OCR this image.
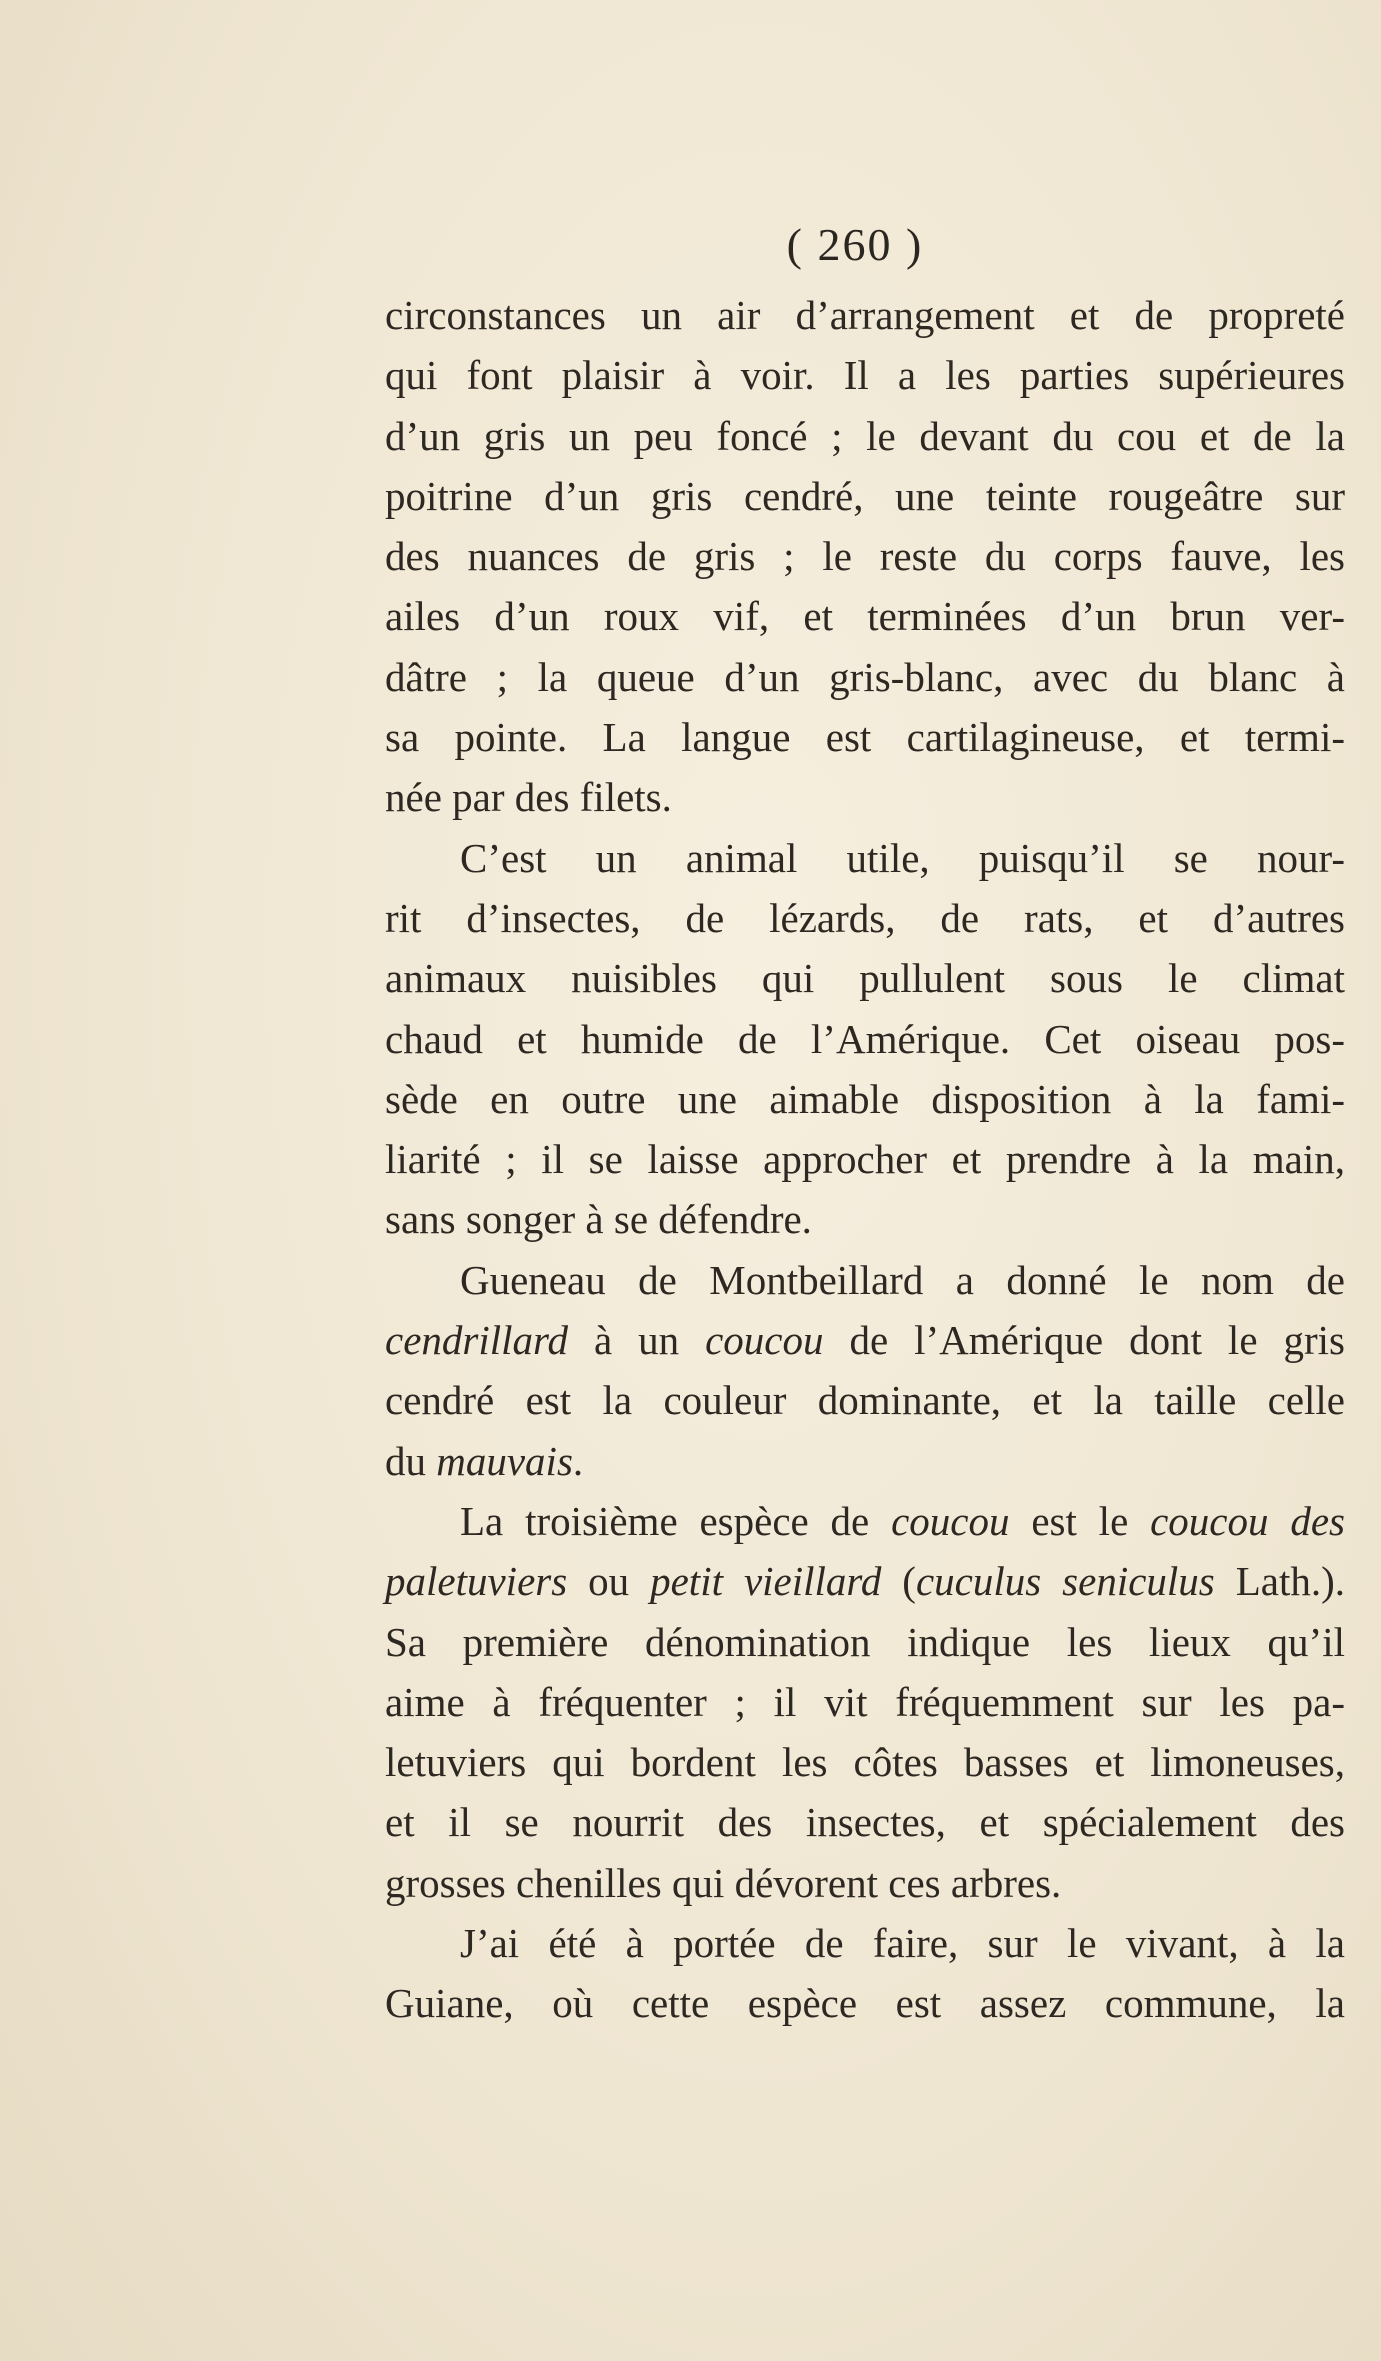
( 260 )
circonstances un air d’arrangement et de propreté
qui font plaisir à voir. Il a les parties supérieures
d’un gris un peu foncé ; le devant du cou et de la
poitrine d’un gris cendré, une teinte rougeâtre sur
des nuances de gris ; le reste du corps fauve, les
ailes d’un roux vif, et terminées d’un brun ver-
dâtre ; la queue d’un gris-blanc, avec du blanc à
sa pointe. La langue est cartilagineuse, et termi-
née par des filets.
C’est un animal utile, puisqu’il se nour-
rit d’insectes, de lézards, de rats, et d’autres
animaux nuisibles qui pullulent sous le climat
chaud et humide de l’Amérique. Cet oiseau pos-
sède en outre une aimable disposition à la fami-
liarité ; il se laisse approcher et prendre à la main,
sans songer à se défendre.
Gueneau de Montbeillard a donné le nom de
cendrillard à un coucou de l’Amérique dont le gris
cendré est la couleur dominante, et la taille celle
du mauvais.
La troisième espèce de coucou est le coucou des
paletuviers ou petit vieillard (cuculus seniculus Lath.).
Sa première dénomination indique les lieux qu’il
aime à fréquenter ; il vit fréquemment sur les pa-
letuviers qui bordent les côtes basses et limoneuses,
et il se nourrit des insectes, et spécialement des
grosses chenilles qui dévorent ces arbres.
J’ai été à portée de faire, sur le vivant, à la
Guiane, où cette espèce est assez commune, la
